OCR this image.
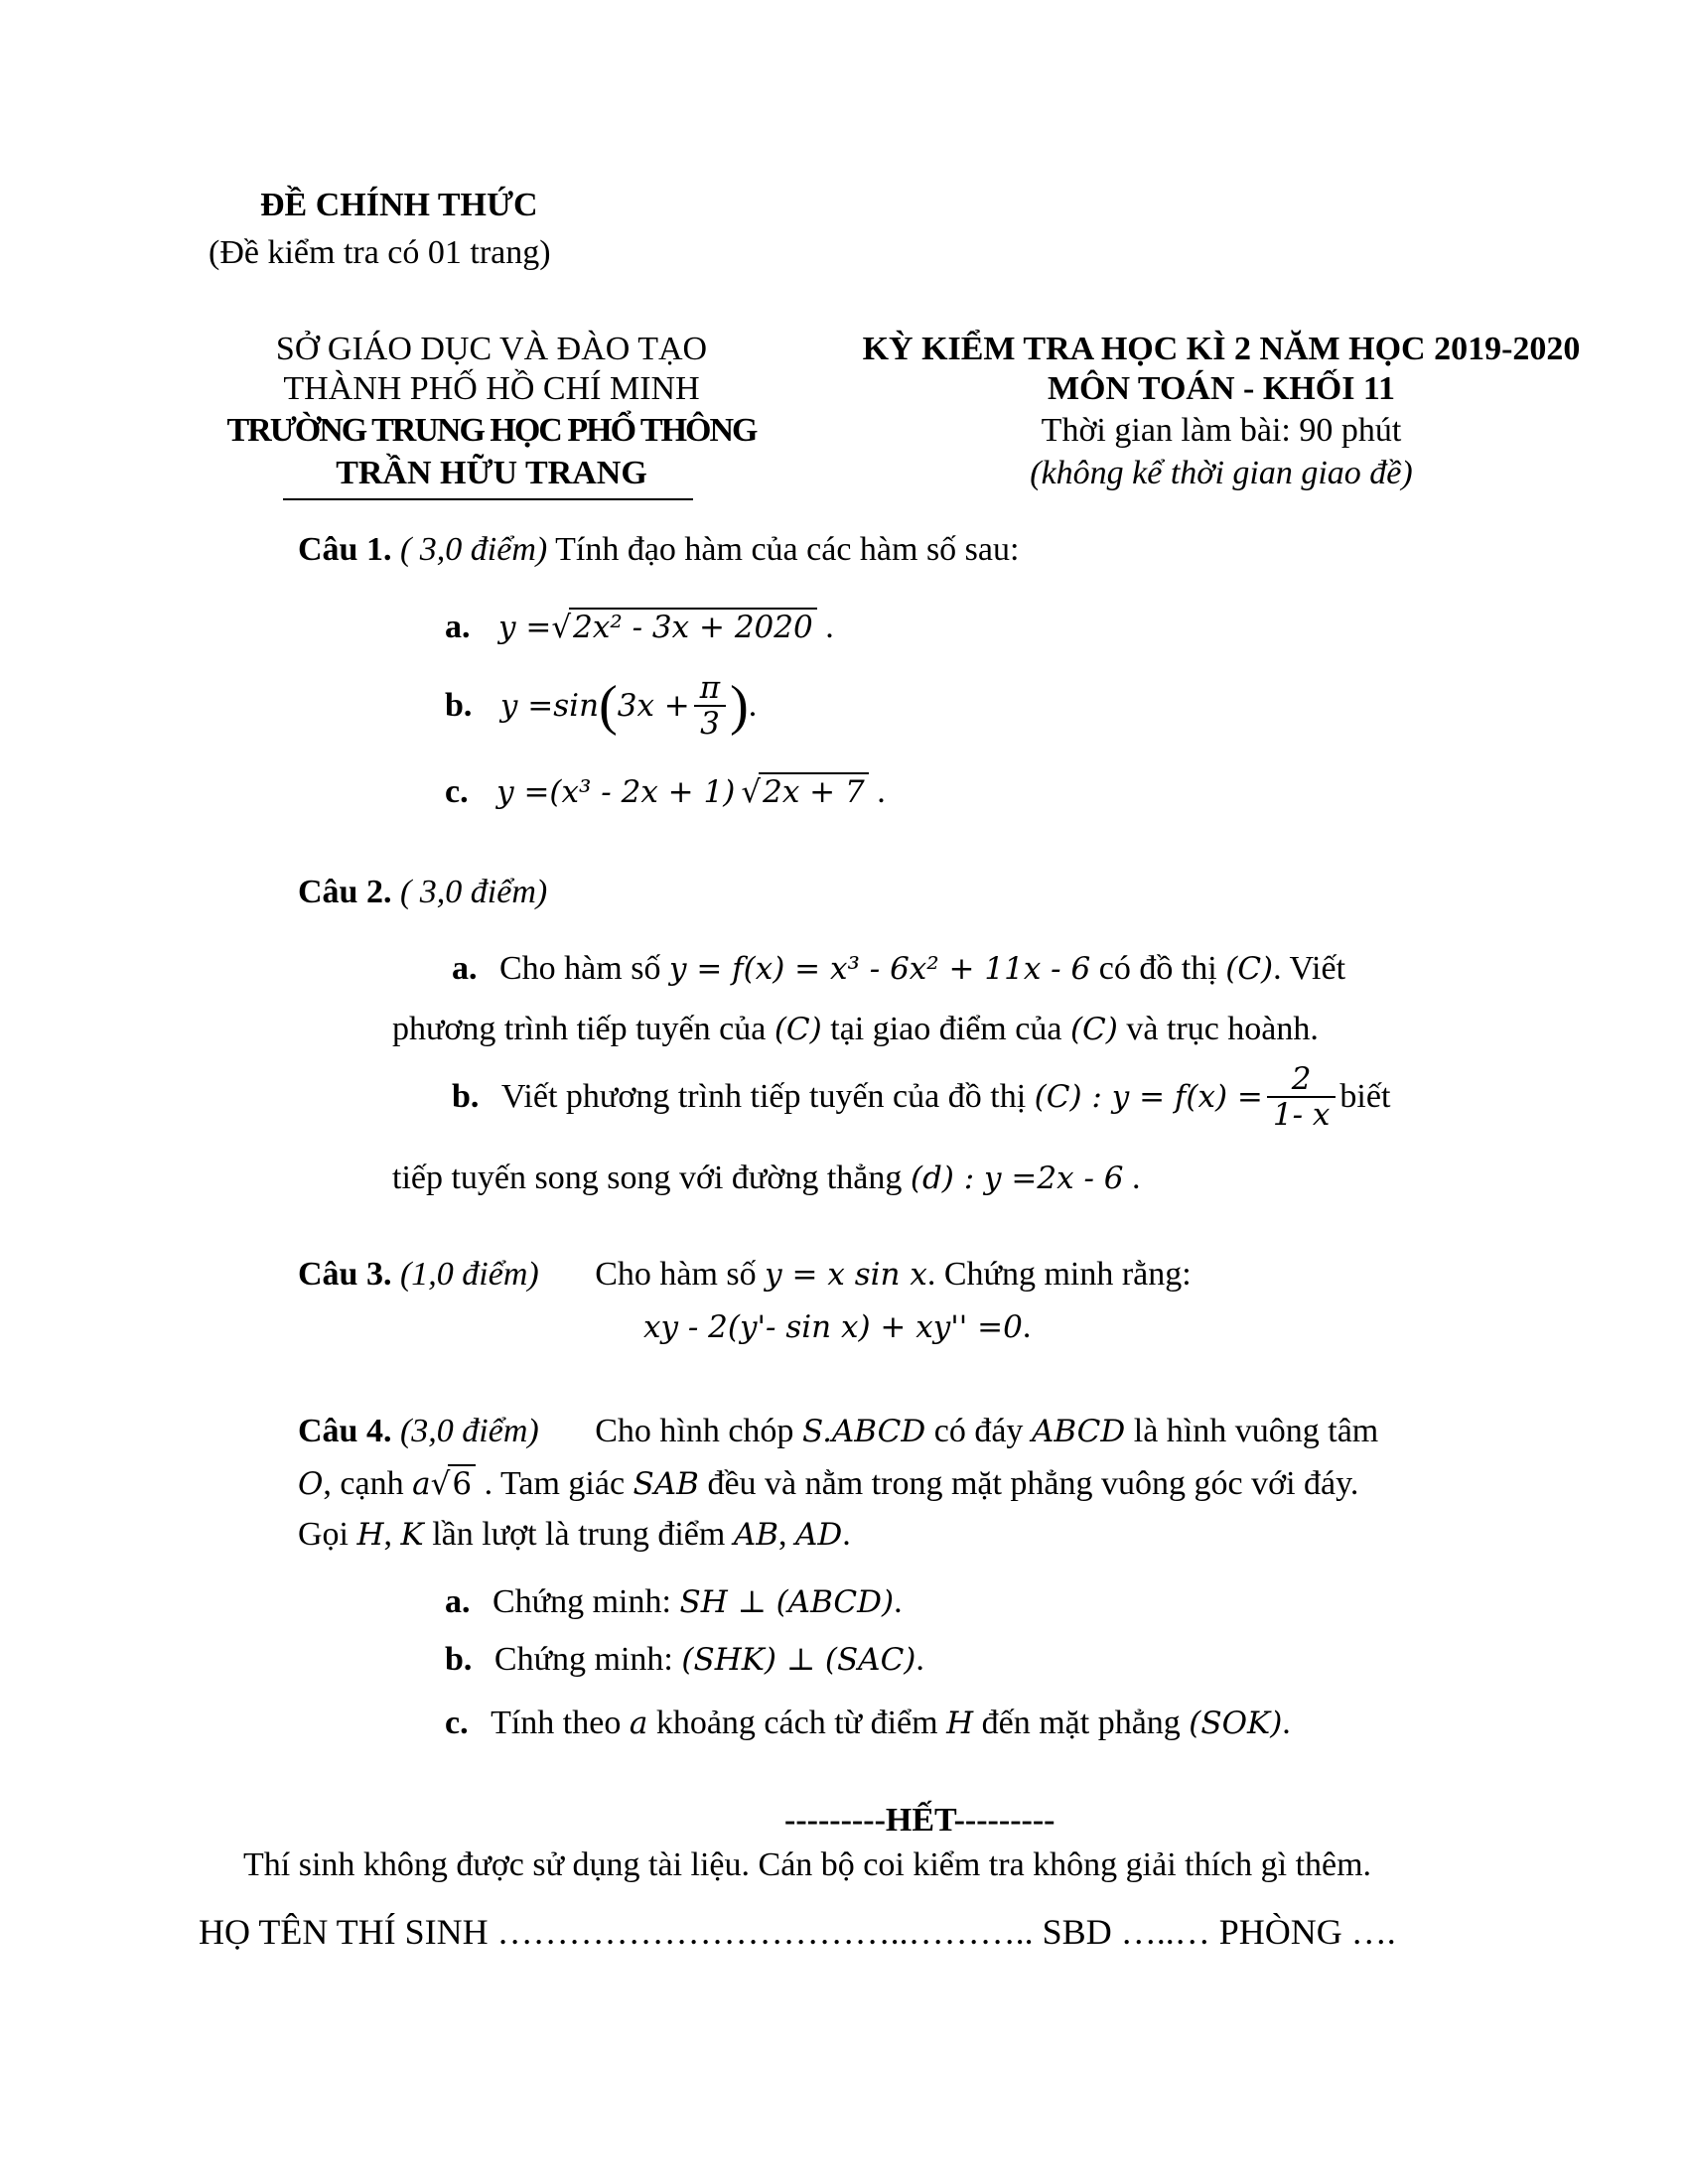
ĐỀ CHÍNH THỨC
(Đề kiểm tra có 01 trang)
SỞ GIÁO DỤC VÀ ĐÀO TẠO
THÀNH PHỐ HỒ CHÍ MINH
TRƯỜNG TRUNG HỌC PHỔ THÔNG
TRẦN HỮU TRANG
KỲ KIỂM TRA HỌC KÌ 2 NĂM HỌC 2019-2020
MÔN TOÁN - KHỐI 11
Thời gian làm bài: 90 phút
(không kể thời gian giao đề)
Câu 1. ( 3,0 điểm) Tính đạo hàm của các hàm số sau:
a. y =√2x² - 3x + 2020 .
b. $y =\sin(3x + \frac{\pi}{3}$ ).
c. y =(x³ - 2x + 1) √2x + 7 .
Câu 2. ( 3,0 điểm)
a. Cho hàm số y = f(x) = x³ - 6x² + 11x - 6 có đồ thị (C). Viết
phương trình tiếp tuyến của (C) tại giao điểm của (C) và trục hoành.
b. Viết phương trình tiếp tuyến của đồ thị (C) : $y = f(x) = \frac{2}{1- x}$ biết
tiếp tuyến song song với đường thẳng (d) : y =2x - 6 .
Câu 3. (1,0 điểm) Cho hàm số y = x sin x. Chứng minh rằng:
xy - 2(y'- sin x) + xy'' =0.
Câu 4. (3,0 điểm) Cho hình chóp S.ABCD có đáy ABCD là hình vuông tâm
O, cạnh a√6 . Tam giác SAB đều và nằm trong mặt phẳng vuông góc với đáy.
Gọi H, K lần lượt là trung điểm AB, AD.
a. Chứng minh: SH ⊥ (ABCD).
b. Chứng minh: (SHK) ⊥ (SAC).
c. Tính theo a khoảng cách từ điểm H đến mặt phẳng (SOK).
---------HẾT---------
Thí sinh không được sử dụng tài liệu. Cán bộ coi kiểm tra không giải thích gì thêm.
HỌ TÊN THÍ SINH ……………………………..……….. SBD …..… PHÒNG ….
